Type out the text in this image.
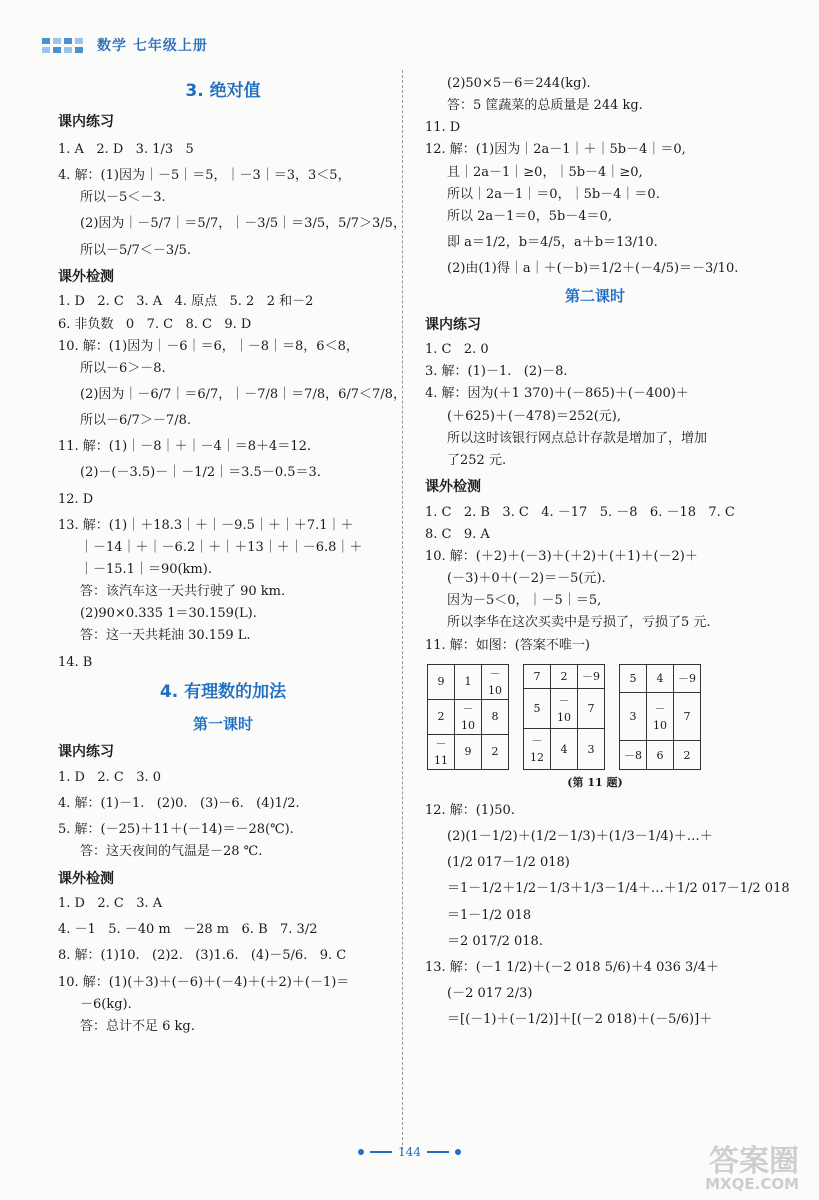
数学 七年级上册
3. 绝对值
课内练习
1. A   2. D   3. 1/3   5
4. 解：(1)因为｜－5｜＝5，｜－3｜＝3，3＜5，
所以－5＜－3.
(2)因为｜－5/7｜＝5/7，｜－3/5｜＝3/5，5/7＞3/5，
所以－5/7＜－3/5.
课外检测
1. D   2. C   3. A   4. 原点   5. 2   2 和－2
6. 非负数   0   7. C   8. C   9. D
10. 解：(1)因为｜－6｜＝6，｜－8｜＝8，6＜8，
所以－6＞－8.
(2)因为｜－6/7｜＝6/7，｜－7/8｜＝7/8，6/7＜7/8，
所以－6/7＞－7/8.
11. 解：(1)｜－8｜＋｜－4｜＝8＋4＝12.
(2)－(－3.5)－｜－1/2｜＝3.5－0.5＝3.
12. D
13. 解：(1)｜＋18.3｜＋｜－9.5｜＋｜＋7.1｜＋
｜－14｜＋｜－6.2｜＋｜＋13｜＋｜－6.8｜＋
｜－15.1｜＝90(km).
答：该汽车这一天共行驶了 90 km.
(2)90×0.335 1＝30.159(L).
答：这一天共耗油 30.159 L.
14. B
4. 有理数的加法
第一课时
课内练习
1. D   2. C   3. 0
4. 解：(1)－1.   (2)0.   (3)－6.   (4)1/2.
5. 解：(－25)＋11＋(－14)＝－28(℃).
答：这天夜间的气温是－28 ℃.
课外检测
1. D   2. C   3. A
4. －1   5. －40 m   －28 m   6. B   7. 3/2
8. 解：(1)10.   (2)2.   (3)1.6.   (4)－5/6.   9. C
10. 解：(1)(＋3)＋(－6)＋(－4)＋(＋2)＋(－1)＝
－6(kg).
答：总计不足 6 kg.
(2)50×5－6＝244(kg).
答：5 筐蔬菜的总质量是 244 kg.
11. D
12. 解：(1)因为｜2a－1｜＋｜5b－4｜＝0,
且｜2a－1｜≥0，｜5b－4｜≥0,
所以｜2a－1｜＝0，｜5b－4｜＝0.
所以 2a－1＝0，5b－4＝0,
即 a＝1/2，b＝4/5，a＋b＝13/10.
(2)由(1)得｜a｜＋(－b)＝1/2＋(－4/5)＝－3/10.
第二课时
课内练习
1. C   2. 0
3. 解：(1)－1.   (2)－8.
4. 解：因为(＋1 370)＋(－865)＋(－400)＋
(＋625)＋(－478)＝252(元),
所以这时该银行网点总计存款是增加了，增加
了252 元.
课外检测
1. C   2. B   3. C   4. －17   5. －8   6. －18   7. C
8. C   9. A
10. 解：(＋2)＋(－3)＋(＋2)＋(＋1)＋(－2)＋
(－3)＋0＋(－2)＝－5(元).
因为－5＜0，｜－5｜＝5,
所以李华在这次买卖中是亏损了，亏损了5 元.
11. 解：如图：(答案不唯一)
9	1	－10
2	－10	8
－11	9	2
7	2	－9
5	－10	7
－12	4	3
5	4	－9
3	－10	7
－8	6	2
(第 11 题)
12. 解：(1)50.
(2)(1－1/2)＋(1/2－1/3)＋(1/3－1/4)＋…＋
(1/2 017－1/2 018)
＝1－1/2＋1/2－1/3＋1/3－1/4＋…＋1/2 017－1/2 018
＝1－1/2 018
＝2 017/2 018.
13. 解：(－1 1/2)＋(－2 018 5/6)＋4 036 3/4＋
(－2 017 2/3)
＝[(－1)＋(－1/2)]＋[(－2 018)＋(－5/6)]＋
144	答案圈
MXQE.COM
